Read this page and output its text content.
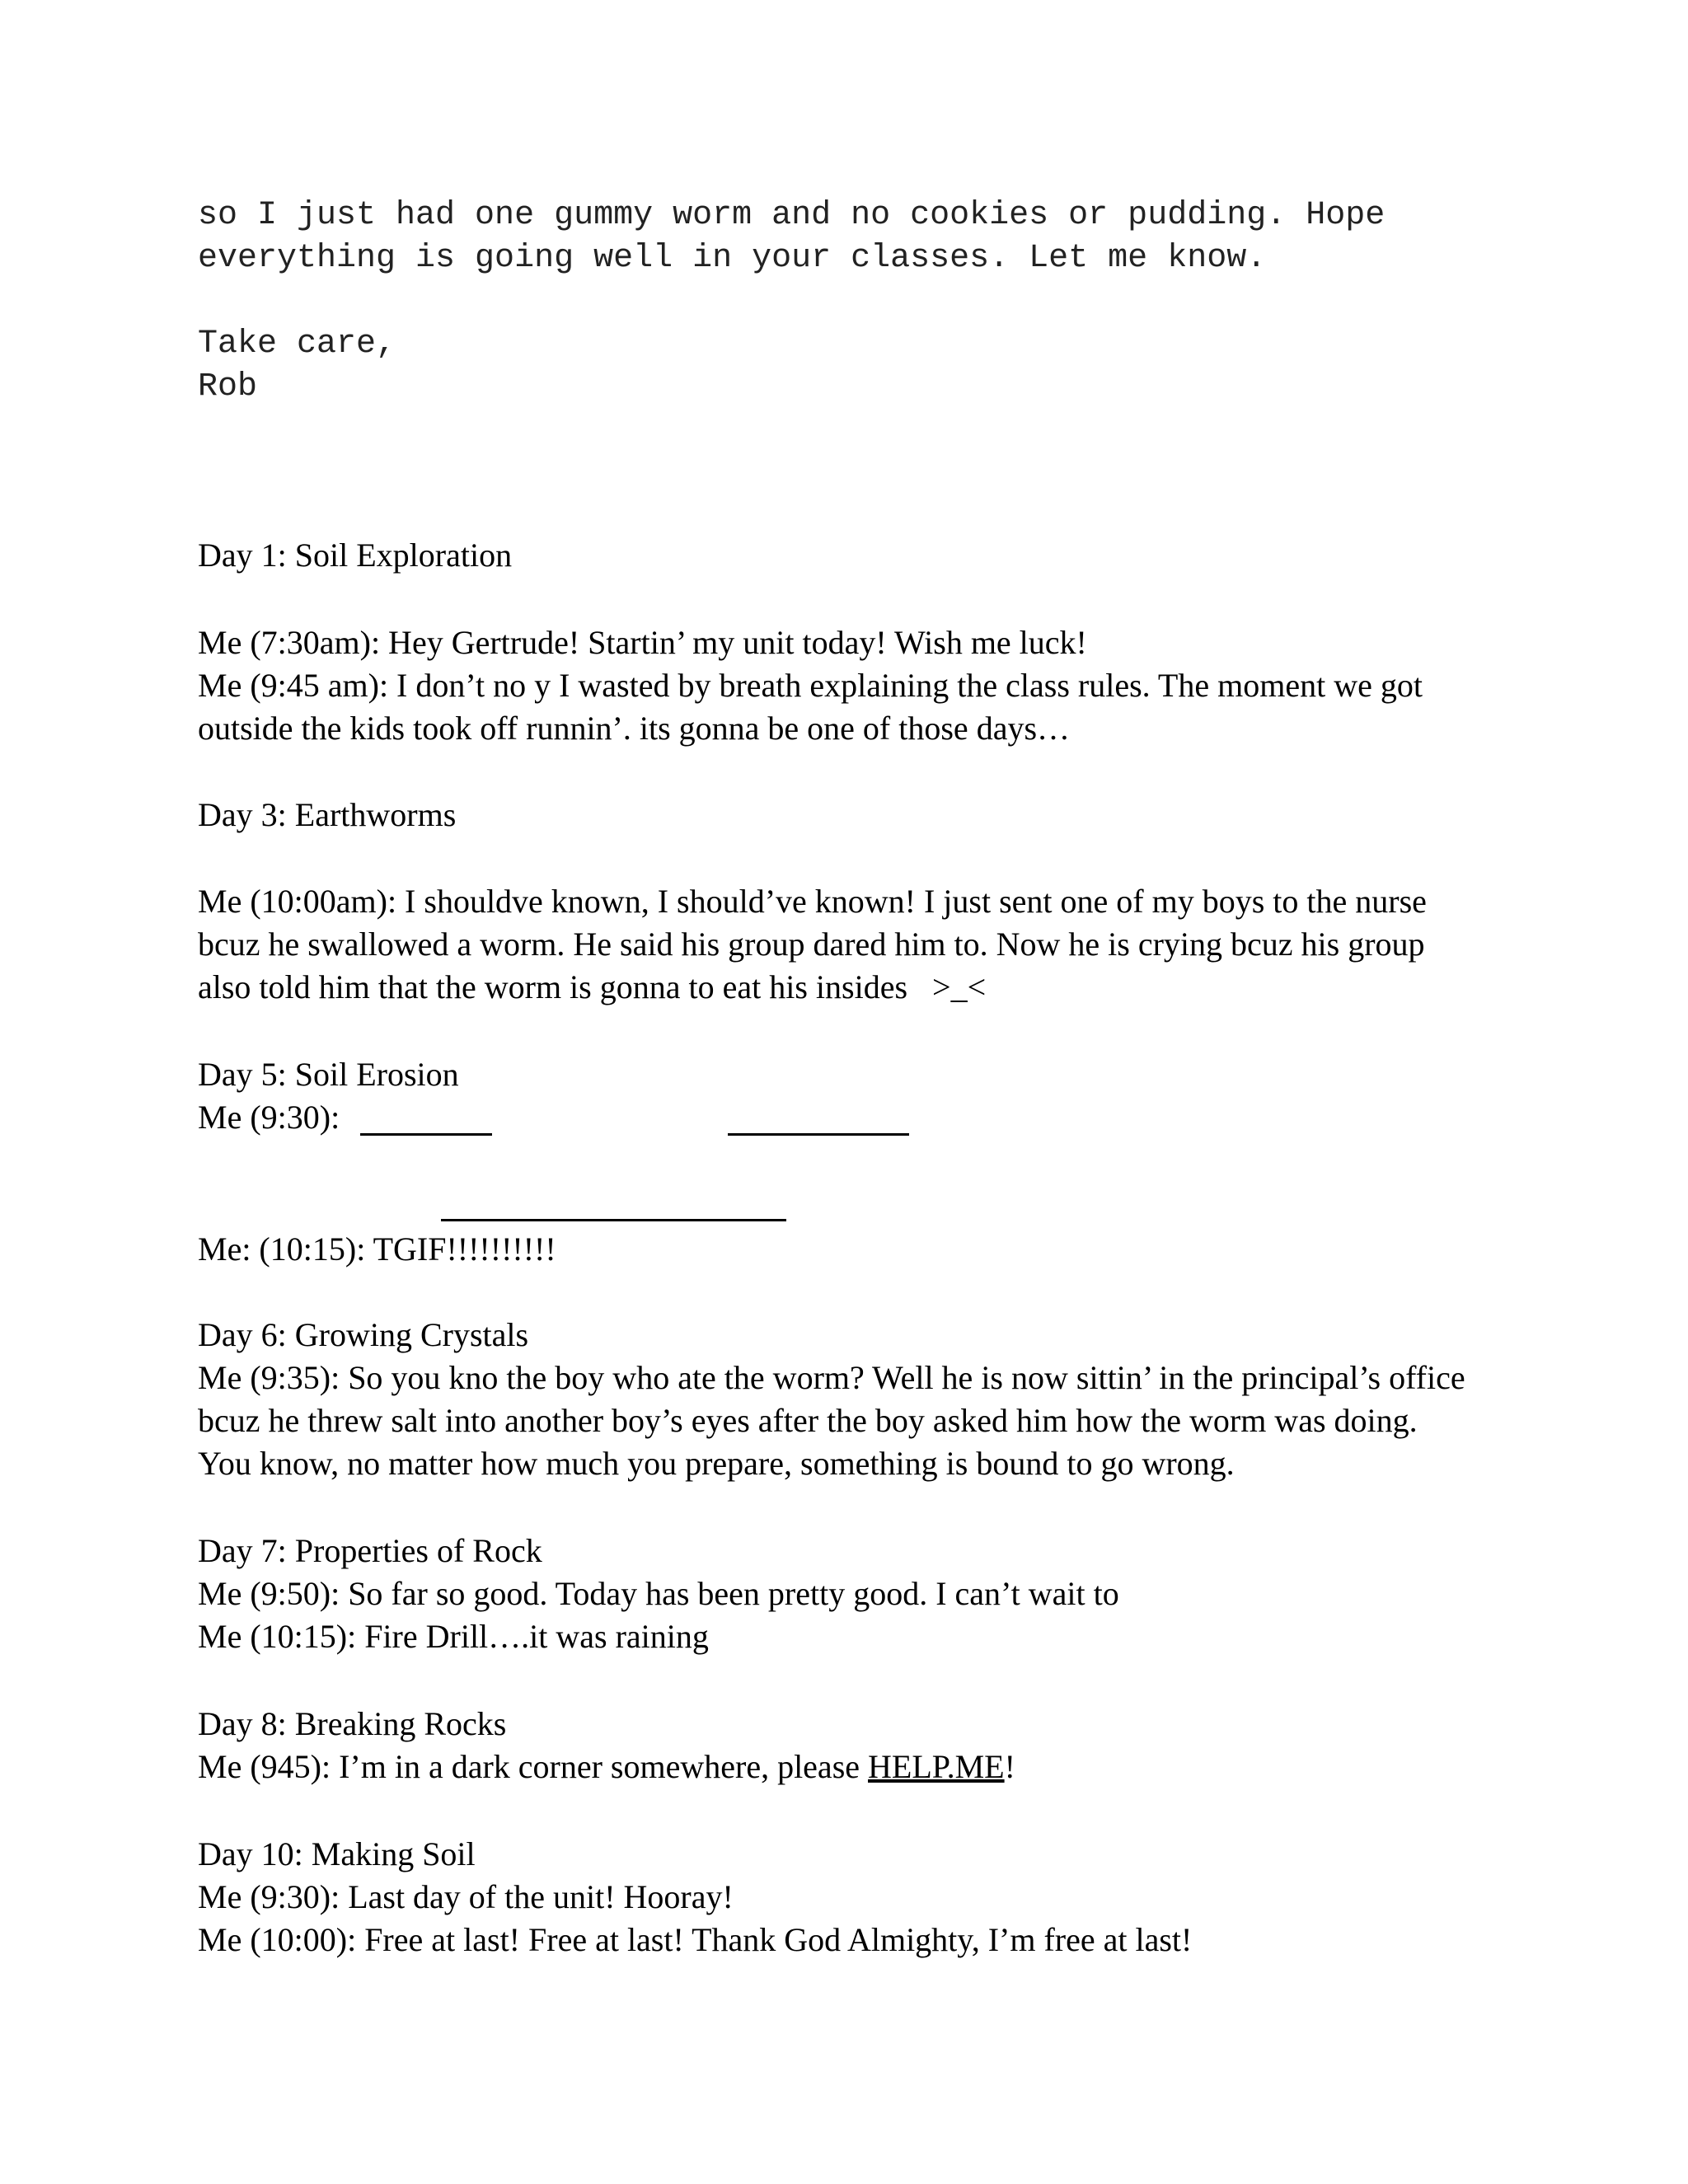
so I just had one gummy worm and no cookies or pudding. Hope
everything is going well in your classes. Let me know.
Take care,
Rob
Day 1: Soil Exploration
Me (7:30am): Hey Gertrude! Startin’ my unit today! Wish me luck!
Me (9:45 am): I don’t no y I wasted by breath explaining the class rules. The moment we got
outside the kids took off runnin’. its gonna be one of those days…
Day 3: Earthworms
Me (10:00am): I shouldve known, I should’ve known! I just sent one of my boys to the nurse
bcuz he swallowed a worm. He said his group dared him to. Now he is crying bcuz his group
also told him that the worm is gonna to eat his insides   >_<
Day 5: Soil Erosion
Me (9:30):
Me: (10:15): TGIF!!!!!!!!!!
Day 6: Growing Crystals
Me (9:35): So you kno the boy who ate the worm? Well he is now sittin’ in the principal’s office
bcuz he threw salt into another boy’s eyes after the boy asked him how the worm was doing.
You know, no matter how much you prepare, something is bound to go wrong.
Day 7: Properties of Rock
Me (9:50): So far so good. Today has been pretty good. I can’t wait to
Me (10:15): Fire Drill….it was raining
Day 8: Breaking Rocks
Me (945): I’m in a dark corner somewhere, please HELP.ME!
Day 10: Making Soil
Me (9:30): Last day of the unit! Hooray!
Me (10:00): Free at last! Free at last! Thank God Almighty, I’m free at last!
